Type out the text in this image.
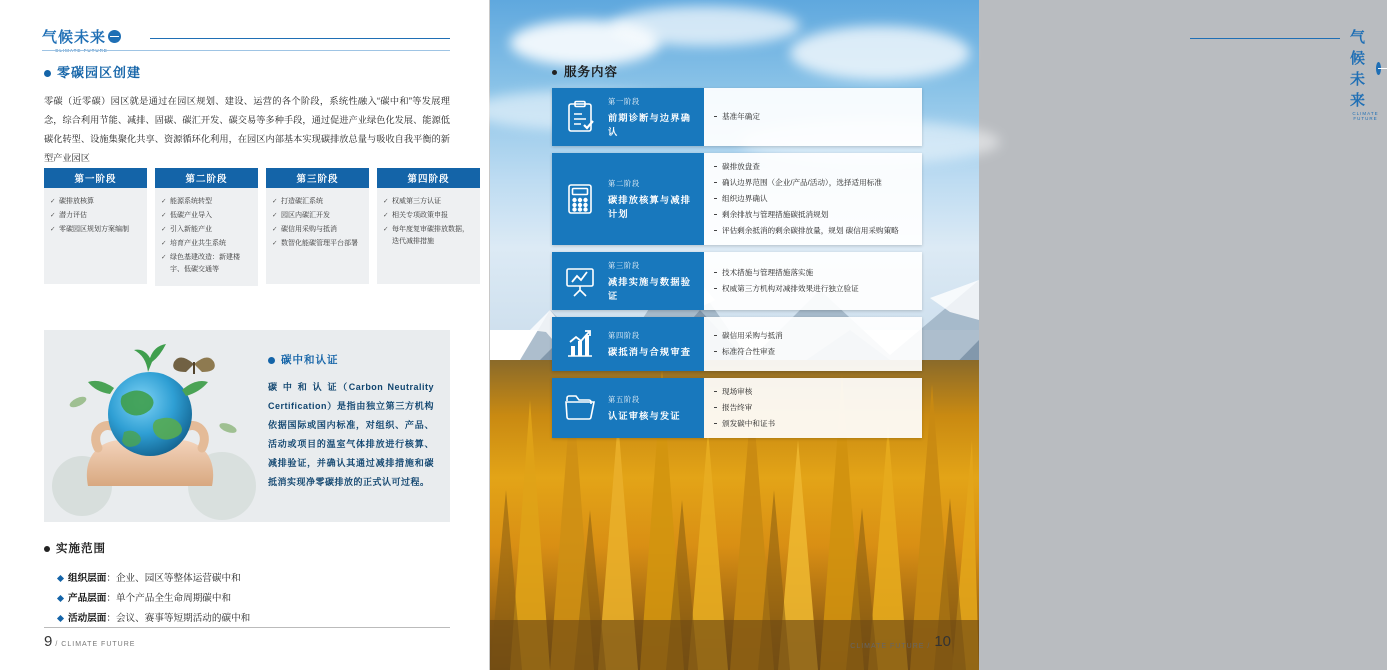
气候未来
零碳园区创建
零碳（近零碳）园区就是通过在园区规划、建设、运营的各个阶段，系统性融入“碳中和”等发展理念，综合利用节能、减排、固碳、碳汇开发、碳交易等多种手段，通过促进产业绿色化发展、能源低碳化转型、设施集聚化共享、资源循环化利用，在园区内部基本实现碳排放总量与吸收自我平衡的新型产业园区
第一阶段
✓ 碳排放核算
✓ 潜力评估
✓ 零碳园区规划方案编制
第二阶段
✓ 能源系统转型
✓ 低碳产业导入
✓ 引入新能产业
✓ 培育产业共生系统
✓ 绿色基建改造：新建楼宇、低碳交通等
第三阶段
✓ 打造碳汇系统
✓ 园区内碳汇开发
✓ 碳信用采购与抵消
✓ 数智化能碳管理平台部署
第四阶段
✓ 权威第三方认证
✓ 相关专项政策申报
✓ 每年度复审碳排放数据，迭代减排措施
碳中和认证
碳 中 和 认 证（Carbon Neutrality Certification）是指由独立第三方机构依据国际或国内标准，对组织、产品、活动或项目的温室气体排放进行核算、减排验证，并确认其通过减排措施和碳抵消实现净零碳排放的正式认可过程。
实施范围
组织层面：企业、园区等整体运营碳中和
产品层面：单个产品全生命周期碳中和
活动层面：会议、赛事等短期活动的碳中和
9 / CLIMATE FUTURE
气候未来
CLIMATE FUTURE
服务内容
第一阶段
前期诊断与边界确认
基准年确定
第二阶段
碳排放核算与减排计划
碳排放盘查
确认边界范围（企业/产品/活动），选择适用标准
组织边界确认
剩余排放与管理措施碳抵消规划
评估剩余抵消的剩余碳排放量，规划 碳信用采购策略
第三阶段
减排实施与数据验证
技术措施与管理措施落实施
权威第三方机构对减排效果进行独立验证
第四阶段
碳抵消与合规审查
碳信用采购与抵消
标准符合性审查
第五阶段
认证审核与发证
现场审核
报告终审
颁发碳中和证书
CLIMATE FUTURE / 10
